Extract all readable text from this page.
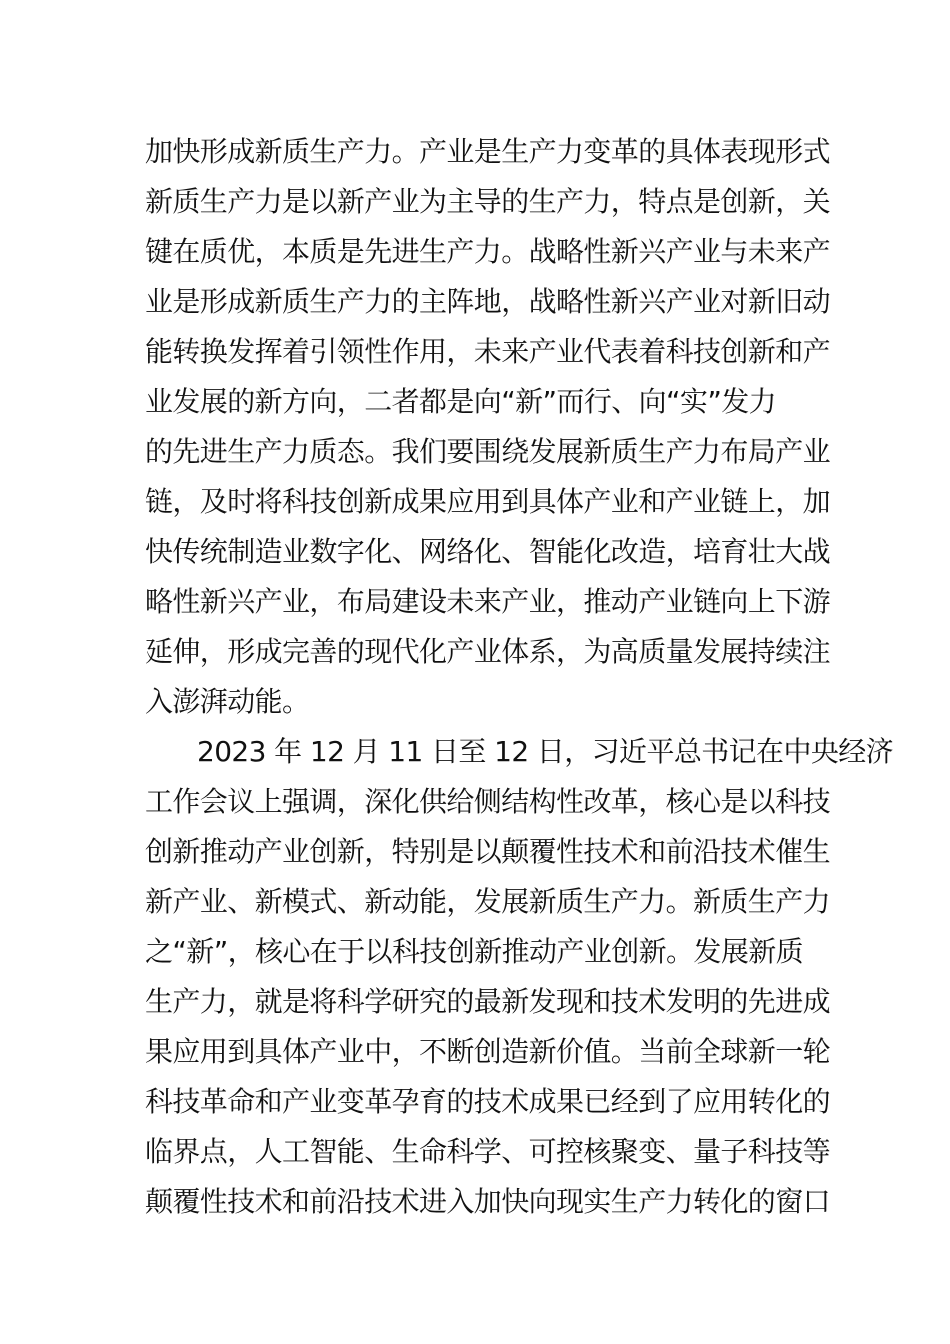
加快形成新质生产力。产业是生产力变革的具体表现形式
新质生产力是以新产业为主导的生产力，特点是创新，关
键在质优，本质是先进生产力。战略性新兴产业与未来产
业是形成新质生产力的主阵地，战略性新兴产业对新旧动
能转换发挥着引领性作用，未来产业代表着科技创新和产
业发展的新方向，二者都是向“新”而行、向“实”发力
的先进生产力质态。我们要围绕发展新质生产力布局产业
链，及时将科技创新成果应用到具体产业和产业链上，加
快传统制造业数字化、网络化、智能化改造，培育壮大战
略性新兴产业，布局建设未来产业，推动产业链向上下游
延伸，形成完善的现代化产业体系，为高质量发展持续注
入澎湃动能。
2023 年 12 月 11 日至 12 日，习近平总书记在中央经济
工作会议上强调，深化供给侧结构性改革，核心是以科技
创新推动产业创新，特别是以颠覆性技术和前沿技术催生
新产业、新模式、新动能，发展新质生产力。新质生产力
之“新”，核心在于以科技创新推动产业创新。发展新质
生产力，就是将科学研究的最新发现和技术发明的先进成
果应用到具体产业中，不断创造新价值。当前全球新一轮
科技革命和产业变革孕育的技术成果已经到了应用转化的
临界点，人工智能、生命科学、可控核聚变、量子科技等
颠覆性技术和前沿技术进入加快向现实生产力转化的窗口
